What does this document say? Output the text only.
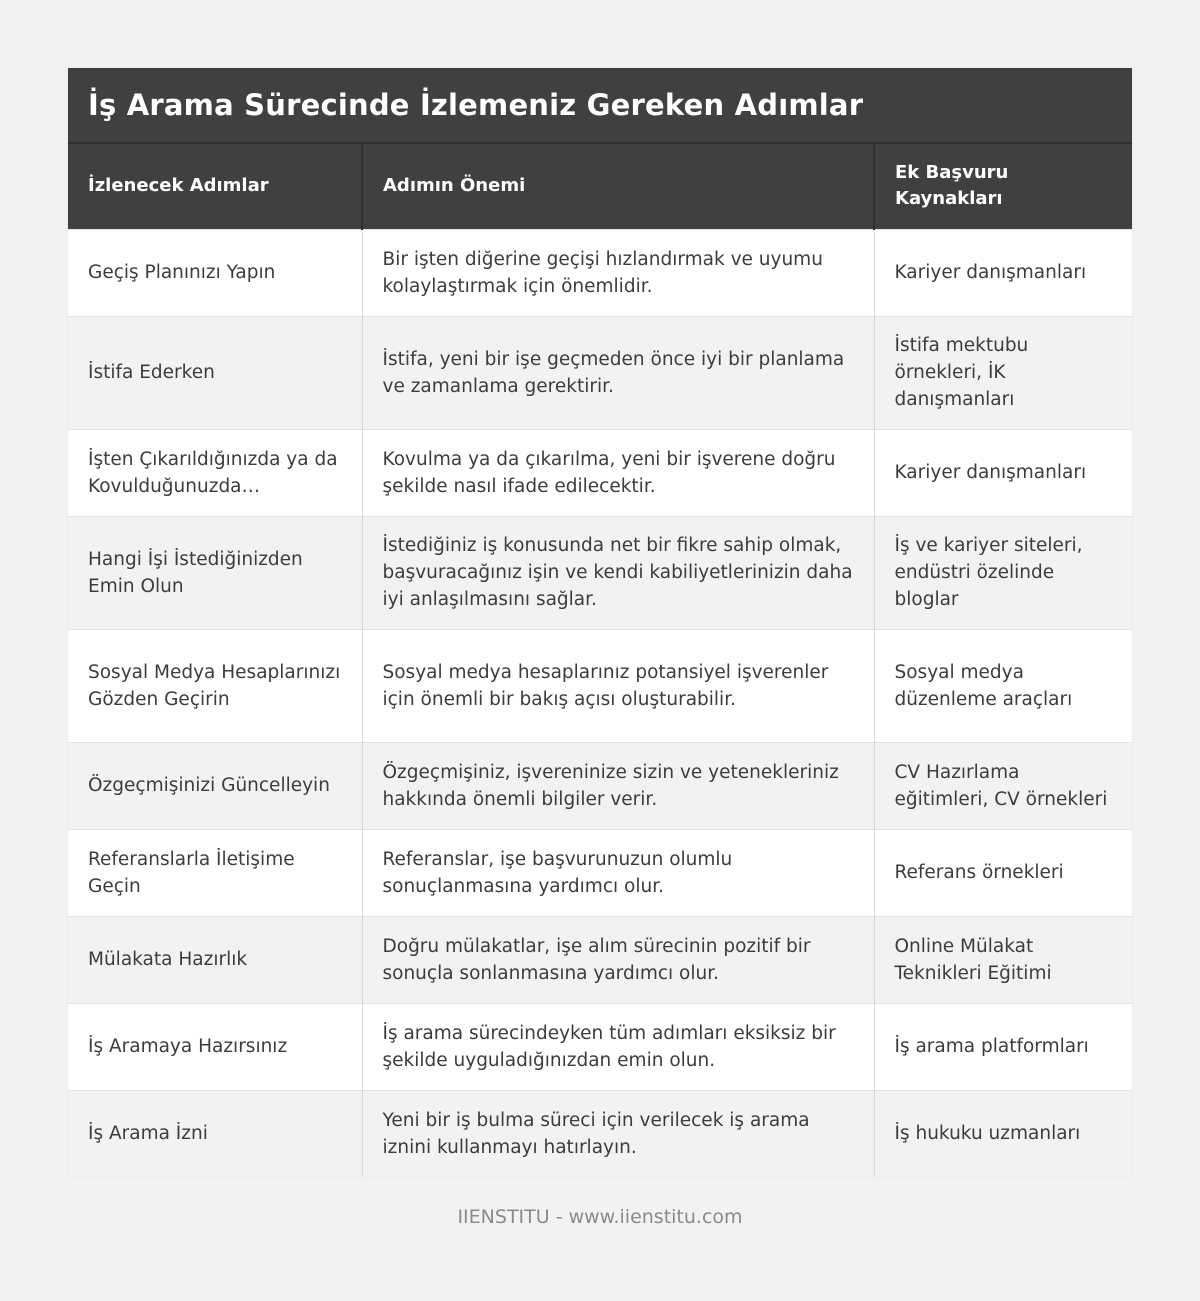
İş Arama Sürecinde İzlemeniz Gereken Adımlar
İzlenecek Adımlar	Adımın Önemi	Ek Başvuru Kaynakları
Geçiş Planınızı Yapın	Bir işten diğerine geçişi hızlandırmak ve uyumu kolaylaştırmak için önemlidir.	Kariyer danışmanları
İstifa Ederken	İstifa, yeni bir işe geçmeden önce iyi bir planlama ve zamanlama gerektirir.	İstifa mektubu örnekleri, İK danışmanları
İşten Çıkarıldığınızda ya da Kovulduğunuzda…	Kovulma ya da çıkarılma, yeni bir işverene doğru şekilde nasıl ifade edilecektir.	Kariyer danışmanları
Hangi İşi İstediğinizden Emin Olun	İstediğiniz iş konusunda net bir fikre sahip olmak, başvuracağınız işin ve kendi kabiliyetlerinizin daha iyi anlaşılmasını sağlar.	İş ve kariyer siteleri, endüstri özelinde bloglar
Sosyal Medya Hesaplarınızı Gözden Geçirin	Sosyal medya hesaplarınız potansiyel işverenler için önemli bir bakış açısı oluşturabilir.	Sosyal medya düzenleme araçları
Özgeçmişinizi Güncelleyin	Özgeçmişiniz, işvereninize sizin ve yetenekleriniz hakkında önemli bilgiler verir.	CV Hazırlama eğitimleri, CV örnekleri
Referanslarla İletişime Geçin	Referanslar, işe başvurunuzun olumlu sonuçlanmasına yardımcı olur.	Referans örnekleri
Mülakata Hazırlık	Doğru mülakatlar, işe alım sürecinin pozitif bir sonuçla sonlanmasına yardımcı olur.	Online Mülakat Teknikleri Eğitimi
İş Aramaya Hazırsınız	İş arama sürecindeyken tüm adımları eksiksiz bir şekilde uyguladığınızdan emin olun.	İş arama platformları
İş Arama İzni	Yeni bir iş bulma süreci için verilecek iş arama iznini kullanmayı hatırlayın.	İş hukuku uzmanları
IIENSTITU - www.iienstitu.com
